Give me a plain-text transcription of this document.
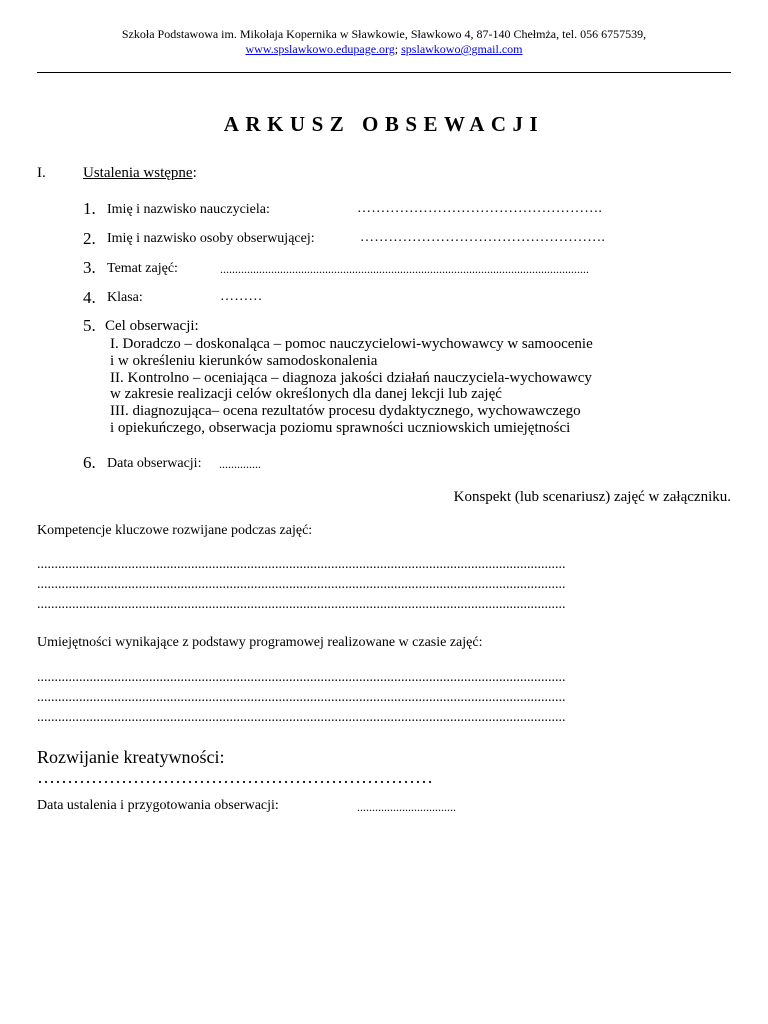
Szkoła Podstawowa im. Mikołaja Kopernika w Sławkowie, Sławkowo 4, 87-140 Chełmża, tel. 056 6757539,
www.spslawkowo.edupage.org; spslawkowo@gmail.com
ARKUSZ OBSEWACJI
I. Ustalenia wstępne:
1. Imię i nazwisko nauczyciela:	…………………………………………….
2. Imię i nazwisko osoby obserwującej:	…………………………………………….
3. Temat zajęć:	...........................................................................................................................
4. Klasa:	………
5. Cel obserwacji:
I. Doradczo – doskonaląca – pomoc nauczycielowi-wychowawcy w samoocenie
i w określeniu kierunków samodoskonalenia
II. Kontrolno – oceniająca – diagnoza jakości działań nauczyciela-wychowawcy
w zakresie realizacji celów określonych dla danej lekcji lub zajęć
III. diagnozująca– ocena rezultatów procesu dydaktycznego, wychowawczego
i opiekuńczego, obserwacja poziomu sprawności uczniowskich umiejętności
6. Data obserwacji: ..............
Konspekt (lub scenariusz) zajęć w załączniku.
Kompetencje kluczowe rozwijane podczas zajęć:
.......................................................................................................................................................
.......................................................................................................................................................
.......................................................................................................................................................
Umiejętności wynikające z podstawy programowej realizowane w czasie zajęć:
.......................................................................................................................................................
.......................................................................................................................................................
.......................................................................................................................................................
Rozwijanie kreatywności:
…………………………………………………………
Data ustalenia i przygotowania obserwacji:	.................................
